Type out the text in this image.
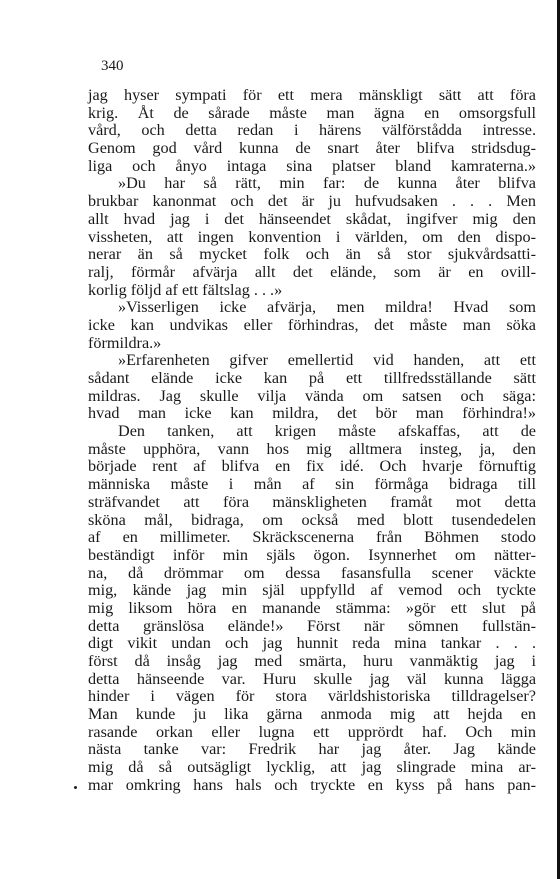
340
jag hyser sympati för ett mera mänskligt sätt att föra
krig. Åt de sårade måste man ägna en omsorgsfull
vård, och detta redan i härens välförstådda intresse.
Genom god vård kunna de snart åter blifva stridsdug-
liga och ånyo intaga sina platser bland kamraterna.»
»Du har så rätt, min far: de kunna åter blifva
brukbar kanonmat och det är ju hufvudsaken . . . Men
allt hvad jag i det hänseendet skådat, ingifver mig den
vissheten, att ingen konvention i världen, om den dispo-
nerar än så mycket folk och än så stor sjukvårdsatti-
ralj, förmår afvärja allt det elände, som är en ovill-
korlig följd af ett fältslag . . .»
»Visserligen icke afvärja, men mildra! Hvad som
icke kan undvikas eller förhindras, det måste man söka
förmildra.»
»Erfarenheten gifver emellertid vid handen, att ett
sådant elände icke kan på ett tillfredsställande sätt
mildras. Jag skulle vilja vända om satsen och säga:
hvad man icke kan mildra, det bör man förhindra!»
Den tanken, att krigen måste afskaffas, att de
måste upphöra, vann hos mig alltmera insteg, ja, den
började rent af blifva en fix idé. Och hvarje förnuftig
människa måste i mån af sin förmåga bidraga till
sträfvandet att föra mänskligheten framåt mot detta
sköna mål, bidraga, om också med blott tusendedelen
af en millimeter. Skräckscenerna från Böhmen stodo
beständigt inför min själs ögon. Isynnerhet om nätter-
na, då drömmar om dessa fasansfulla scener väckte
mig, kände jag min själ uppfylld af vemod och tyckte
mig liksom höra en manande stämma: »gör ett slut på
detta gränslösa elände!» Först när sömnen fullstän-
digt vikit undan och jag hunnit reda mina tankar . . .
först då insåg jag med smärta, huru vanmäktig jag i
detta hänseende var. Huru skulle jag väl kunna lägga
hinder i vägen för stora världshistoriska tilldragelser?
Man kunde ju lika gärna anmoda mig att hejda en
rasande orkan eller lugna ett upprördt haf. Och min
nästa tanke var: Fredrik har jag åter. Jag kände
mig då så outsägligt lycklig, att jag slingrade mina ar-
mar omkring hans hals och tryckte en kyss på hans pan-
